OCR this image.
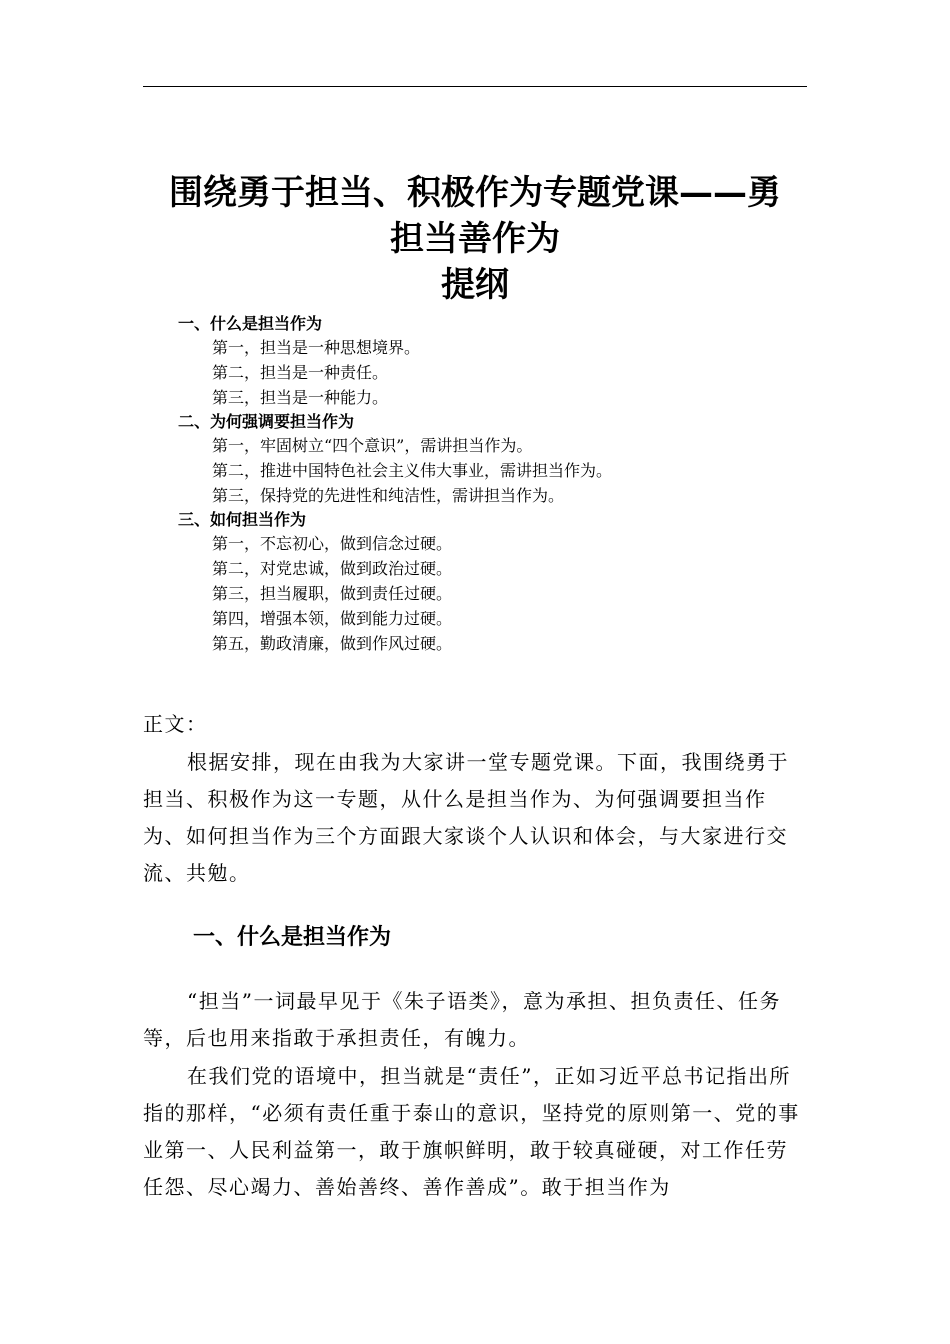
围绕勇于担当、积极作为专题党课——勇
担当善作为
提纲
一、什么是担当作为
第一，担当是一种思想境界。
第二，担当是一种责任。
第三，担当是一种能力。
二、为何强调要担当作为
第一，牢固树立“四个意识”，需讲担当作为。
第二，推进中国特色社会主义伟大事业，需讲担当作为。
第三，保持党的先进性和纯洁性，需讲担当作为。
三、如何担当作为
第一，不忘初心，做到信念过硬。
第二，对党忠诚，做到政治过硬。
第三，担当履职，做到责任过硬。
第四，增强本领，做到能力过硬。
第五，勤政清廉，做到作风过硬。
正文：
根据安排，现在由我为大家讲一堂专题党课。下面，我围绕勇于担当、积极作为这一专题，从什么是担当作为、为何强调要担当作为、如何担当作为三个方面跟大家谈个人认识和体会，与大家进行交流、共勉。
一、什么是担当作为
“担当”一词最早见于《朱子语类》，意为承担、担负责任、任务等，后也用来指敢于承担责任，有魄力。
在我们党的语境中，担当就是“责任”，正如习近平总书记指出所指的那样，“必须有责任重于泰山的意识，坚持党的原则第一、党的事业第一、人民利益第一，敢于旗帜鲜明，敢于较真碰硬，对工作任劳任怨、尽心竭力、善始善终、善作善成”。敢于担当作为
